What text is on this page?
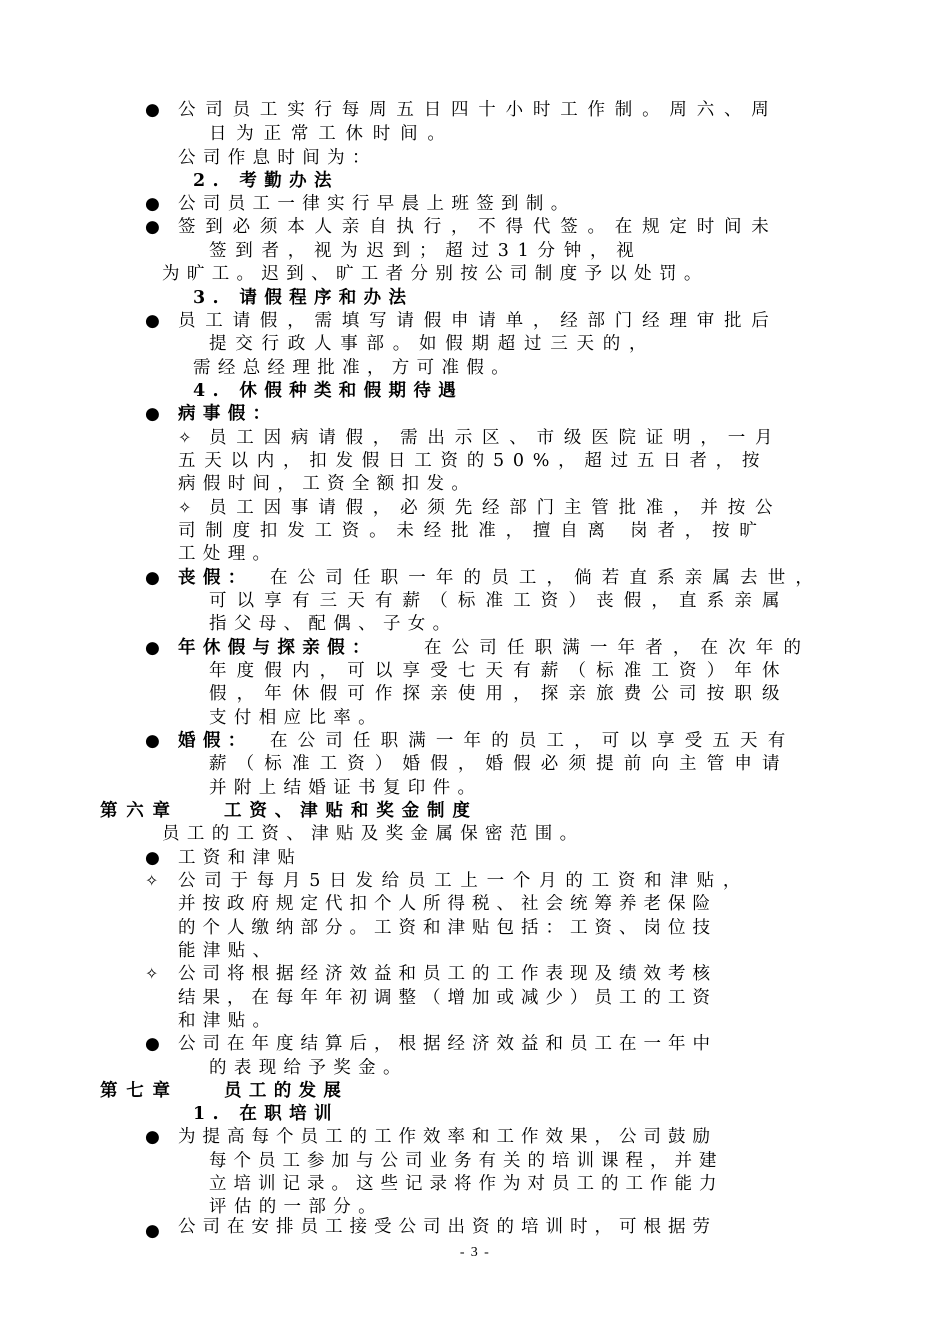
● 公司员工实行每周五日四十小时工作制。周六、周
日为正常工休时间。
公司作息时间为：
2. 考勤办法
● 公司员工一律实行早晨上班签到制。
● 签到必须本人亲自执行，不得代签。在规定时间未
签到者，视为迟到；超过31分钟，视
为旷工。迟到、旷工者分别按公司制度予以处罚。
3. 请假程序和办法
● 员工请假，需填写请假申请单，经部门经理审批后
提交行政人事部。如假期超过三天的，
需经总经理批准，方可准假。
4. 休假种类和假期待遇
● 病事假：
✧ 员工因病请假，需出示区、市级医院证明，一月
五天以内，扣发假日工资的50%，超过五日者，按
病假时间，工资全额扣发。
✧ 员工因事请假，必须先经部门主管批准，并按公
司制度扣发工资。未经批准，擅自离 岗者，按旷
工处理。
● 丧假： 在公司任职一年的员工，倘若直系亲属去世，
可以享有三天有薪（标准工资）丧假，直系亲属
指父母、配偶、子女。
● 年休假与探亲假：	在公司任职满一年者，在次年的
年度假内，可以享受七天有薪（标准工资）年休
假，年休假可作探亲使用，探亲旅费公司按职级
支付相应比率。
● 婚假： 在公司任职满一年的员工，可以享受五天有
薪（标准工资）婚假，婚假必须提前向主管申请
并附上结婚证书复印件。
第六章	工资、津贴和奖金制度
员工的工资、津贴及奖金属保密范围。
● 工资和津贴
✧ 公司于每月5日发给员工上一个月的工资和津贴，
并按政府规定代扣个人所得税、社会统筹养老保险
的个人缴纳部分。工资和津贴包括：工资、岗位技
能津贴、
✧ 公司将根据经济效益和员工的工作表现及绩效考核
结果，在每年年初调整（增加或减少）员工的工资
和津贴。
● 公司在年度结算后，根据经济效益和员工在一年中
的表现给予奖金。
第七章	员工的发展
1. 在职培训
● 为提高每个员工的工作效率和工作效果，公司鼓励
每个员工参加与公司业务有关的培训课程，并建
立培训记录。这些记录将作为对员工的工作能力
评估的一部分。
● 公司在安排员工接受公司出资的培训时，可根据劳
- 3 -
